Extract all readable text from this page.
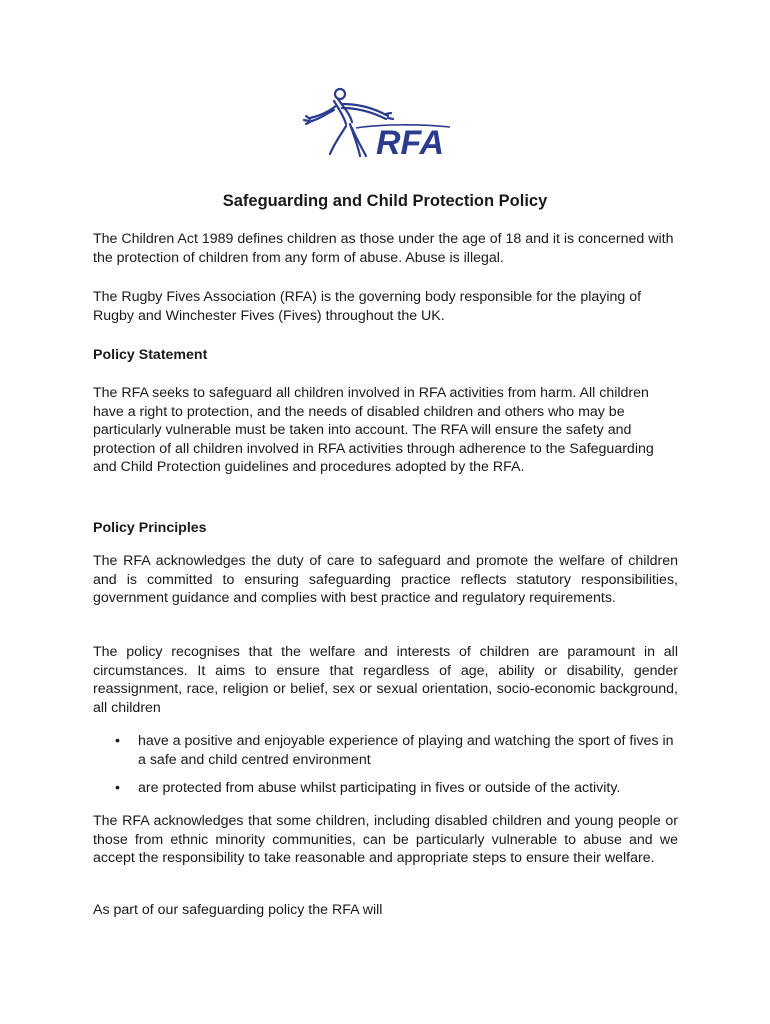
RFA
Safeguarding and Child Protection Policy

The Children Act 1989 defines children as those under the age of 18 and it is concerned with the protection of children from any form of abuse. Abuse is illegal.

The Rugby Fives Association (RFA) is the governing body responsible for the playing of Rugby and Winchester Fives (Fives) throughout the UK.

Policy Statement

The RFA seeks to safeguard all children involved in RFA activities from harm. All children have a right to protection, and the needs of disabled children and others who may be particularly vulnerable must be taken into account. The RFA will ensure the safety and protection of all children involved in RFA activities through adherence to the Safeguarding and Child Protection guidelines and procedures adopted by the RFA.

Policy Principles

The RFA acknowledges the duty of care to safeguard and promote the welfare of children and is committed to ensuring safeguarding practice reflects statutory responsibilities, government guidance and complies with best practice and regulatory requirements.

The policy recognises that the welfare and interests of children are paramount in all circumstances. It aims to ensure that regardless of age, ability or disability, gender reassignment, race, religion or belief, sex or sexual orientation, socio-economic background, all children

• have a positive and enjoyable experience of playing and watching the sport of fives in a safe and child centred environment
• are protected from abuse whilst participating in fives or outside of the activity.

The RFA acknowledges that some children, including disabled children and young people or those from ethnic minority communities, can be particularly vulnerable to abuse and we accept the responsibility to take reasonable and appropriate steps to ensure their welfare.

As part of our safeguarding policy the RFA will
